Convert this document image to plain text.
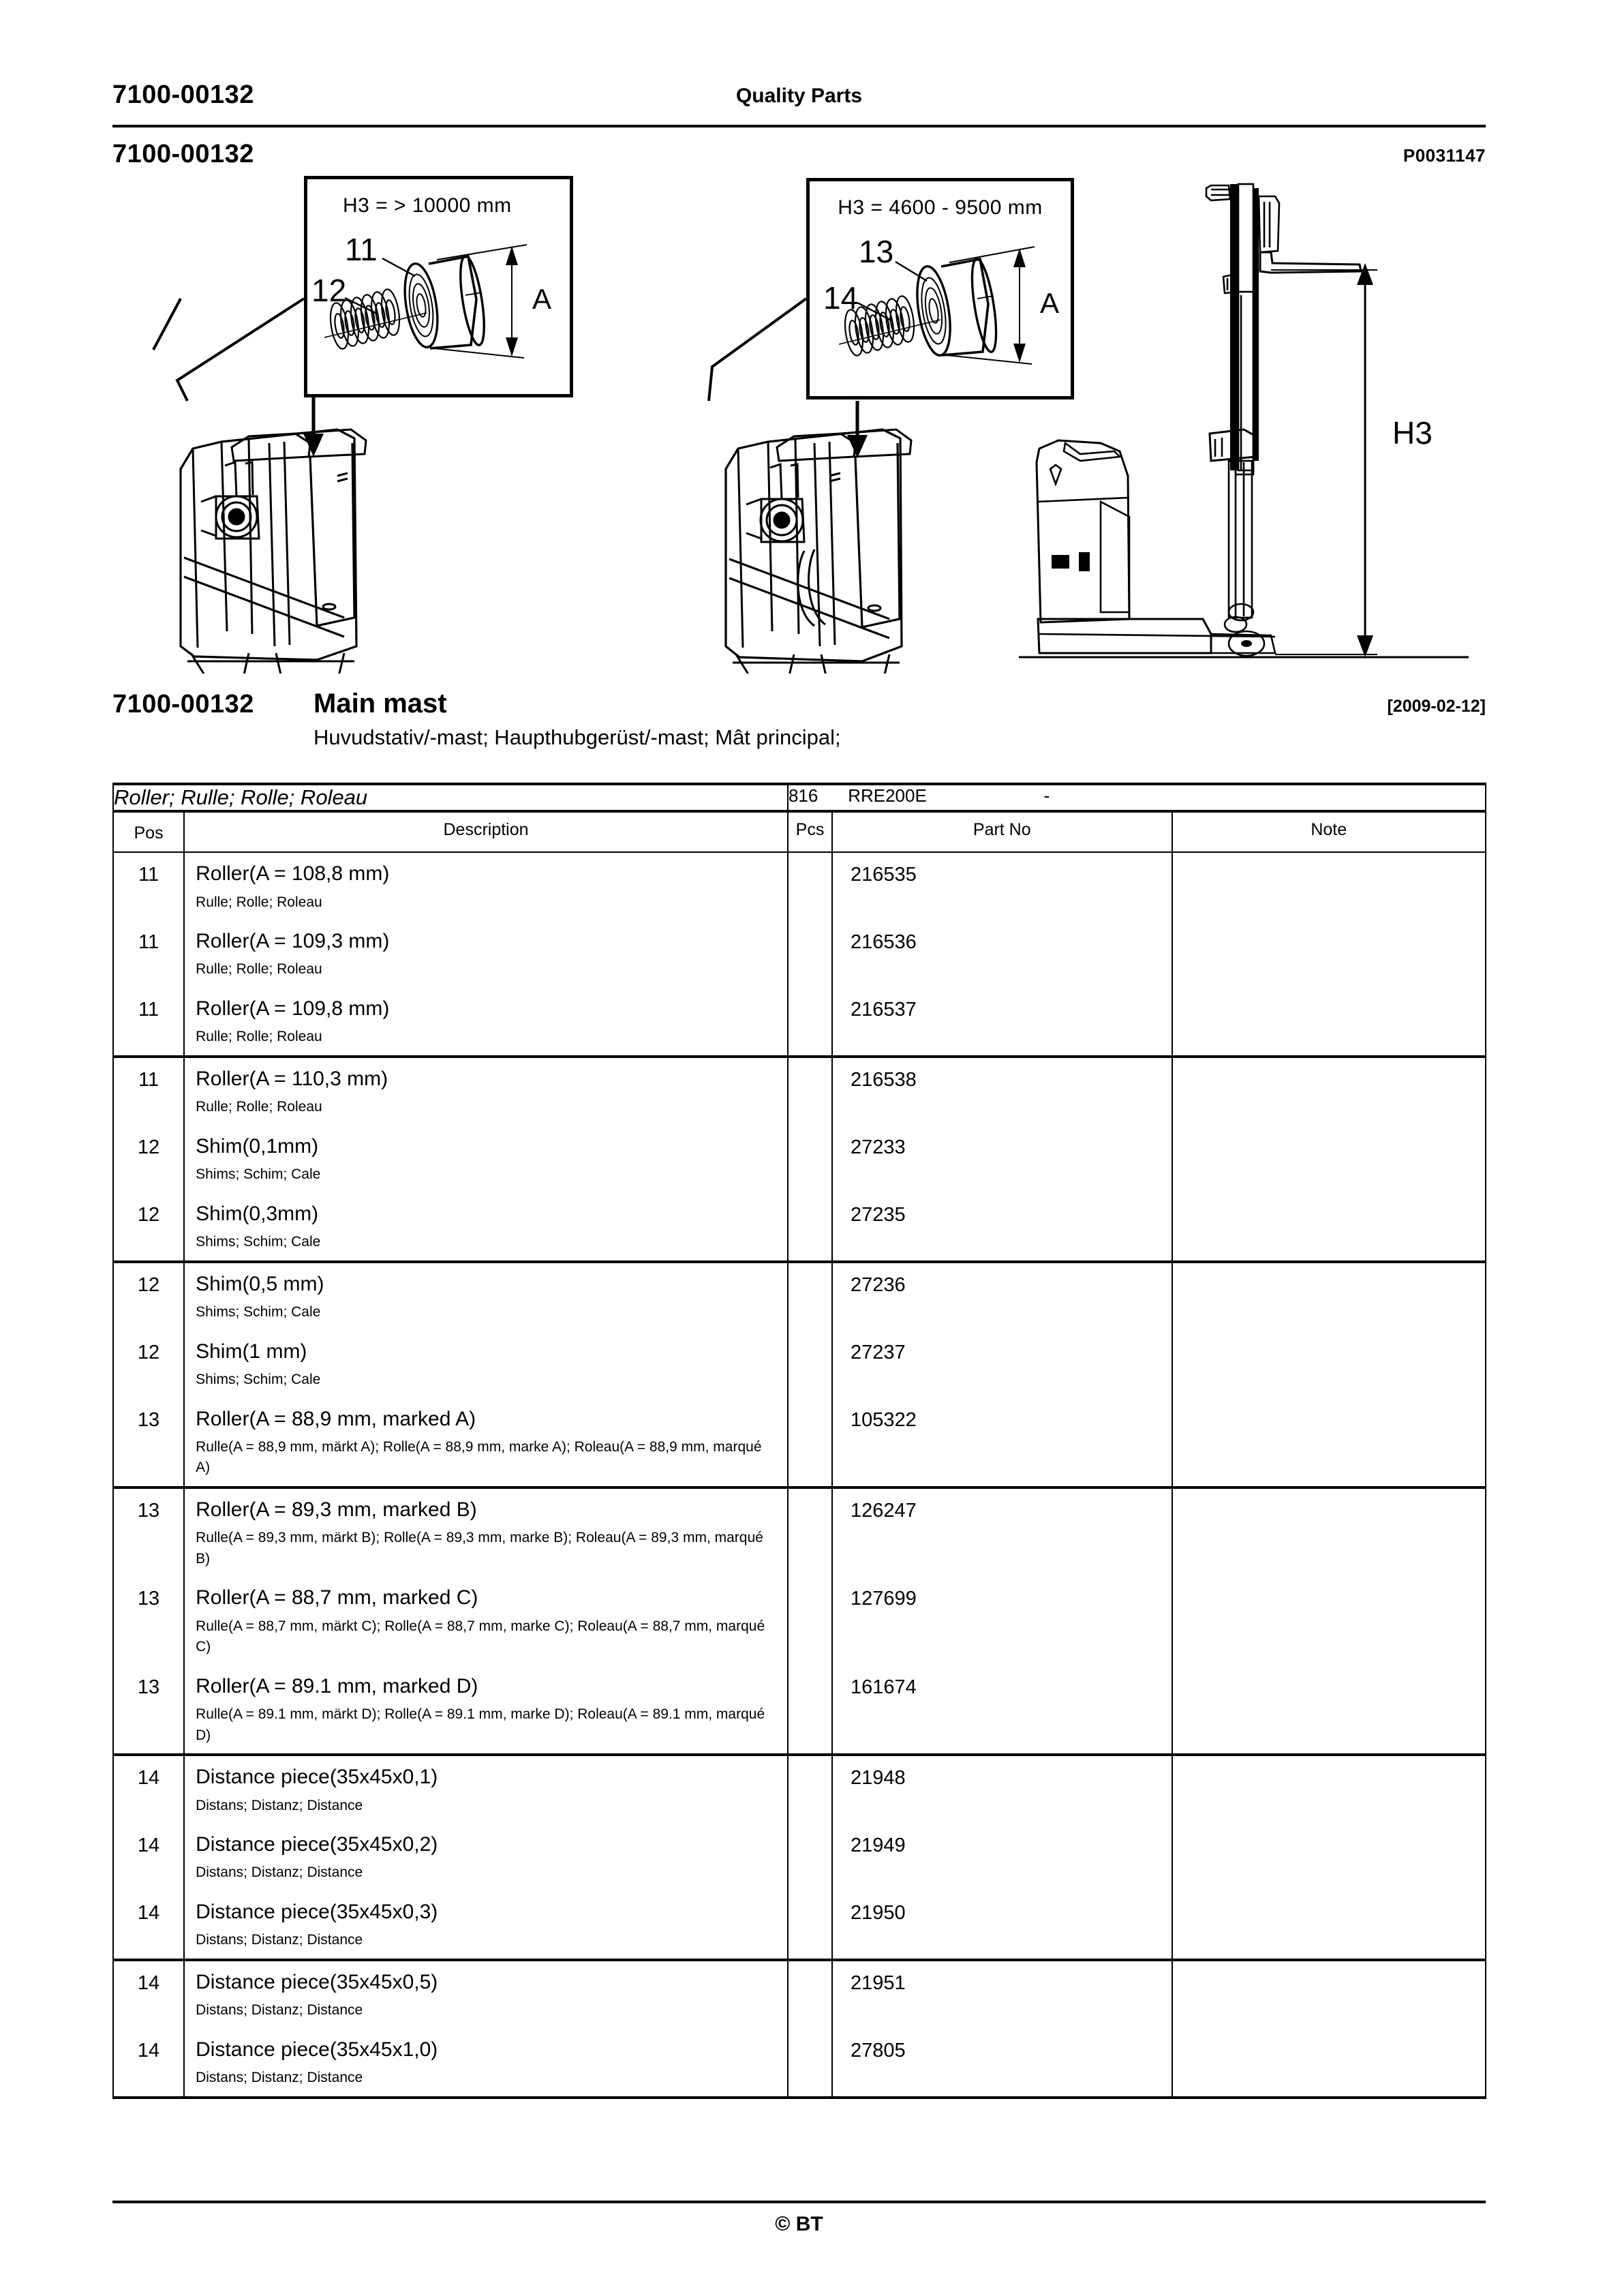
7100-00132	Quality Parts
7100-00132	P0031147
H3 = > 10000 mm
11
12	A
H3 = 4600 - 9500 mm
13
14	A
H3
7100-00132 Main mast	[2009-02-12]
Huvudstativ/-mast; Haupthubgerüst/-mast; Mât principal;
Roller; Rulle; Rolle; Roleau		816 RRE200E -		
Pos	Description	Pcs	Part No	Note
11	Roller(A = 108,8 mm)
Rulle; Rolle; Roleau		216535	
11	Roller(A = 109,3 mm)
Rulle; Rolle; Roleau		216536	
11	Roller(A = 109,8 mm)
Rulle; Rolle; Roleau		216537	
11	Roller(A = 110,3 mm)
Rulle; Rolle; Roleau		216538	
12	Shim(0,1mm)
Shims; Schim; Cale		27233	
12	Shim(0,3mm)
Shims; Schim; Cale		27235	
12	Shim(0,5 mm)
Shims; Schim; Cale		27236	
12	Shim(1 mm)
Shims; Schim; Cale		27237	
13	Roller(A = 88,9 mm, marked A)
Rulle(A = 88,9 mm, märkt A); Rolle(A = 88,9 mm, marke A); Roleau(A = 88,9 mm, marqué A)		105322	
13	Roller(A = 89,3 mm, marked B)
Rulle(A = 89,3 mm, märkt B); Rolle(A = 89,3 mm, marke B); Roleau(A = 89,3 mm, marqué B)		126247	
13	Roller(A = 88,7 mm, marked C)
Rulle(A = 88,7 mm, märkt C); Rolle(A = 88,7 mm, marke C); Roleau(A = 88,7 mm, marqué C)		127699	
13	Roller(A = 89.1 mm, marked D)
Rulle(A = 89.1 mm, märkt D); Rolle(A = 89.1 mm, marke D); Roleau(A = 89.1 mm, marqué D)		161674	
14	Distance piece(35x45x0,1)
Distans; Distanz; Distance		21948	
14	Distance piece(35x45x0,2)
Distans; Distanz; Distance		21949	
14	Distance piece(35x45x0,3)
Distans; Distanz; Distance		21950	
14	Distance piece(35x45x0,5)
Distans; Distanz; Distance		21951	
14	Distance piece(35x45x1,0)
Distans; Distanz; Distance		27805	
© BT
